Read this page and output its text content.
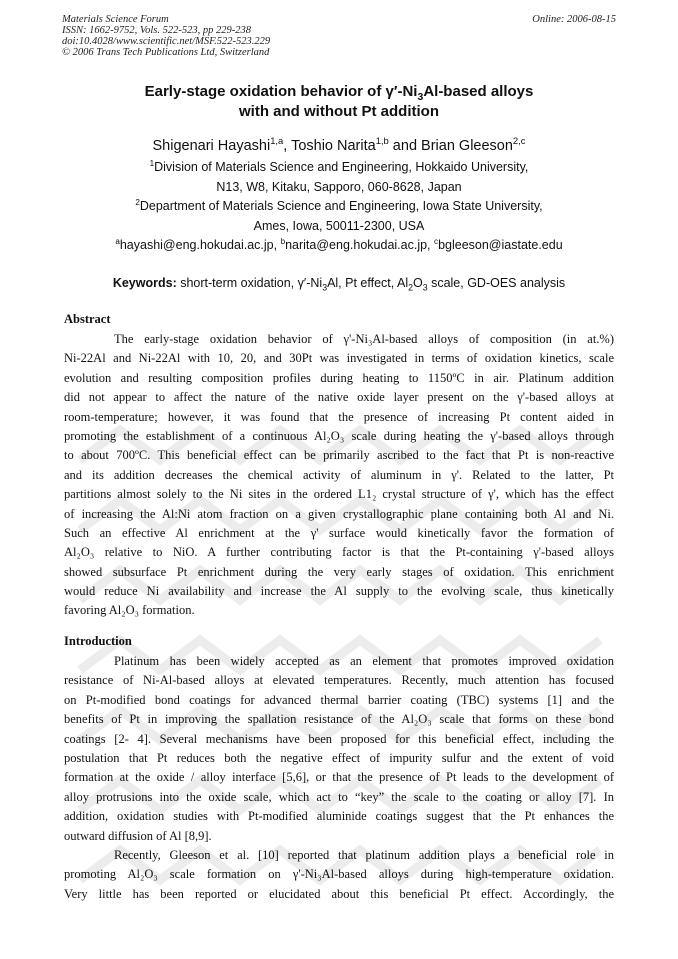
Materials Science Forum	Online: 2006-08-15
ISSN: 1662-9752, Vols. 522-523, pp 229-238
doi:10.4028/www.scientific.net/MSF.522-523.229
© 2006 Trans Tech Publications Ltd, Switzerland
Early-stage oxidation behavior of $\gamma'-Ni_3Al$-based alloys
with and without Pt addition
Shigenari Hayashi$^{1,a}$, Toshio Narita$^{1,b}$ and Brian Gleeson$^{2,c}$
$^1$Division of Materials Science and Engineering, Hokkaido University,
N13, W8, Kitaku, Sapporo, 060-8628, Japan
$^2$Department of Materials Science and Engineering, Iowa State University,
Ames, Iowa, 50011-2300, USA
$^a$hayashi@eng.hokudai.ac.jp, $^b$narita@eng.hokudai.ac.jp, $^c$bgleeson@iastate.edu
Keywords: short-term oxidation, $\gamma'-Ni_3Al$, Pt effect, $Al_2O_3$ scale, GD-OES analysis
Abstract
The early-stage oxidation behavior of γ'-Ni₃Al-based alloys of composition (in at.%)
Ni-22Al and Ni-22Al with 10, 20, and 30Pt was investigated in terms of oxidation kinetics, scale
evolution and resulting composition profiles during heating to 1150ºC in air. Platinum addition
did not appear to affect the nature of the native oxide layer present on the γ'-based alloys at
room-temperature; however, it was found that the presence of increasing Pt content aided in
promoting the establishment of a continuous Al₂O₃ scale during heating the γ'-based alloys through
to about 700ºC. This beneficial effect can be primarily ascribed to the fact that Pt is non-reactive
and its addition decreases the chemical activity of aluminum in γ'. Related to the latter, Pt
partitions almost solely to the Ni sites in the ordered L1₂ crystal structure of γ', which has the effect
of increasing the Al:Ni atom fraction on a given crystallographic plane containing both Al and Ni.
Such an effective Al enrichment at the γ' surface would kinetically favor the formation of
Al₂O₃ relative to NiO. A further contributing factor is that the Pt-containing γ'-based alloys
showed subsurface Pt enrichment during the very early stages of oxidation. This enrichment
would reduce Ni availability and increase the Al supply to the evolving scale, thus kinetically
favoring Al₂O₃ formation.
Introduction
Platinum has been widely accepted as an element that promotes improved oxidation
resistance of Ni-Al-based alloys at elevated temperatures. Recently, much attention has focused
on Pt-modified bond coatings for advanced thermal barrier coating (TBC) systems [1] and the
benefits of Pt in improving the spallation resistance of the Al₂O₃ scale that forms on these bond
coatings [2- 4]. Several mechanisms have been proposed for this beneficial effect, including the
postulation that Pt reduces both the negative effect of impurity sulfur and the extent of void
formation at the oxide / alloy interface [5,6], or that the presence of Pt leads to the development of
alloy protrusions into the oxide scale, which act to “key” the scale to the coating or alloy [7]. In
addition, oxidation studies with Pt-modified aluminide coatings suggest that the Pt enhances the
outward diffusion of Al [8,9].
Recently, Gleeson et al. [10] reported that platinum addition plays a beneficial role in
promoting Al₂O₃ scale formation on γ'-Ni₃Al-based alloys during high-temperature oxidation.
Very little has been reported or elucidated about this beneficial Pt effect. Accordingly, the
